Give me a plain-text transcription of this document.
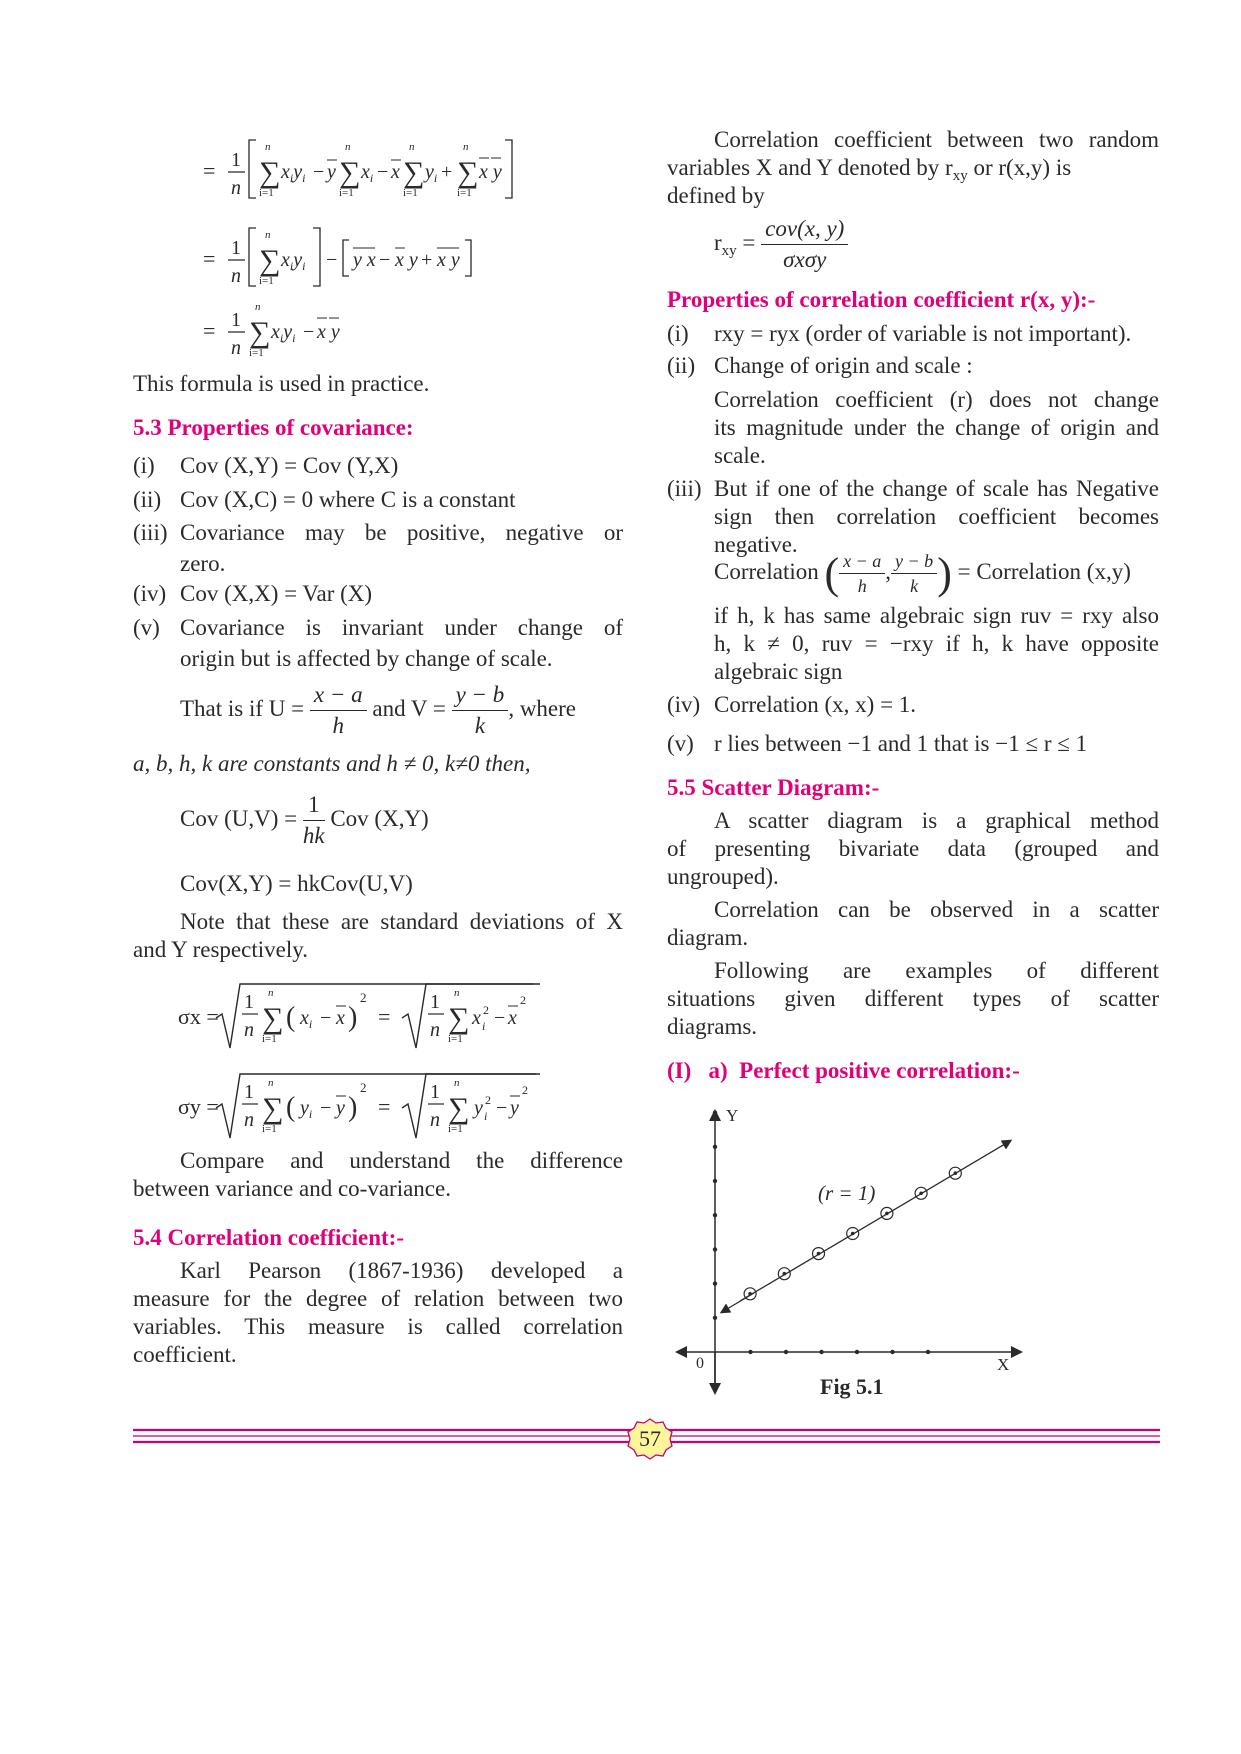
= 1
n ∑
n
i=1
$x_iy_i - y$ ∑
n
i=1
$x_i - x$ ∑
n
i=1
$y_i$ + ∑
n
i=1
x y
= 1
n ∑
n
i=1
$x_iy_i - y$ x − x y + x y
= 1
n ∑
n
i=1
$x_iy_i - x$ y
This formula is used in practice.
5.3 Properties of covariance:
(i) Cov (X,Y) = Cov (Y,X)
(ii) Cov (X,C) = 0 where C is a constant
(iii) Covariance may be positive, negative or
zero.
(iv) Cov (X,X) = Var (X)
(v) Covariance is invariant under change of
origin but is affected by change of scale.
That is if $U = \frac{x - a}{h}$ and $V = \frac{y - b}{k}$ , where
a, b, h, k are constants and h ≠ 0, k≠0 then,
Cov $(U,V) = \frac{1}{hk}$ Cov (X,Y)
Cov(X,Y) = hkCov(U,V)
Note that these are standard deviations of X
and Y respectively.
σx =
1
n ∑
n
i=1
( $x_i - x$ )
2
=
1
n ∑
n
i=1
x 2
i − x
2
σy =
1
n ∑
n
i=1
( $y_i - y$ )
2
=
1
n ∑
n
i=1
y 2
i − y
2
Compare and understand the difference
between variance and co-variance.
5.4 Correlation coefficient:-
Karl Pearson (1867-1936) developed a
measure for the degree of relation between two
variables. This measure is called correlation
coefficient.
Correlation coefficient between two random
variables X and Y denoted by $r_{xy}$ or r(x,y) is
defined by
$r_{xy} = \frac{\text{cov(x, y)}}{\text{σxσy}}$
Properties of correlation coefficient r(x, y):-
(i) rxy = ryx (order of variable is not important).
(ii) Change of origin and scale :
Correlation coefficient (r) does not change
its magnitude under the change of origin and
scale.
(iii) But if one of the change of scale has Negative
sign then correlation coefficient becomes
negative.
Correlation ( $\frac{x - a}{h}$ , $\frac{y - b}{k}$ ) = Correlation (x,y)
if h, k has same algebraic sign ruv = rxy also
h, k ≠ 0, ruv = −rxy if h, k have opposite
algebraic sign
(iv) Correlation (x, x) = 1.
(v) r lies between −1 and 1 that is −1 ≤ r ≤ 1
5.5 Scatter Diagram:-
A scatter diagram is a graphical method
of presenting bivariate data (grouped and
ungrouped).
Correlation can be observed in a scatter
diagram.
Following are examples of different
situations given different types of scatter
diagrams.
(I)   a)  Perfect positive correlation:-
Y
X
0
(r = 1)
Fig 5.1
57
